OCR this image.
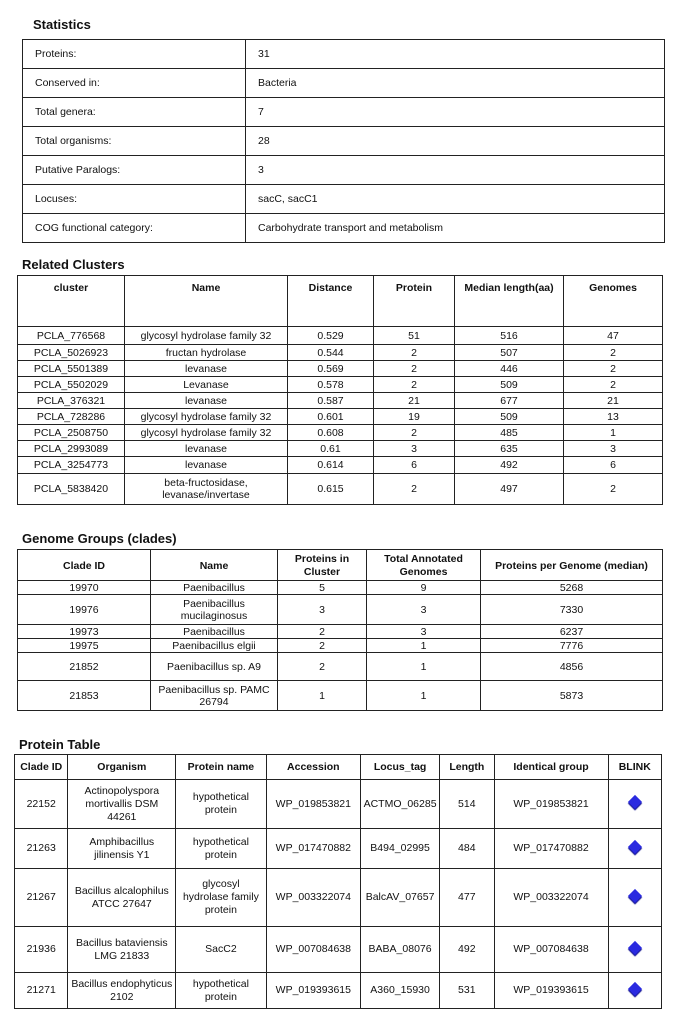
Statistics
Proteins:	31
Conserved in:	Bacteria
Total genera:	7
Total organisms:	28
Putative Paralogs:	3
Locuses:	sacC, sacC1
COG functional category:	Carbohydrate transport and metabolism
Related Clusters
cluster	Name	Distance	Protein	Median length(aa)	Genomes
PCLA_776568	glycosyl hydrolase family 32	0.529	51	516	47
PCLA_5026923	fructan hydrolase	0.544	2	507	2
PCLA_5501389	levanase	0.569	2	446	2
PCLA_5502029	Levanase	0.578	2	509	2
PCLA_376321	levanase	0.587	21	677	21
PCLA_728286	glycosyl hydrolase family 32	0.601	19	509	13
PCLA_2508750	glycosyl hydrolase family 32	0.608	2	485	1
PCLA_2993089	levanase	0.61	3	635	3
PCLA_3254773	levanase	0.614	6	492	6
PCLA_5838420	beta-fructosidase, levanase/invertase	0.615	2	497	2
Genome Groups (clades)
Clade ID	Name	Proteins in Cluster	Total Annotated Genomes	Proteins per Genome (median)
19970	Paenibacillus	5	9	5268
19976	Paenibacillus mucilaginosus	3	3	7330
19973	Paenibacillus	2	3	6237
19975	Paenibacillus elgii	2	1	7776
21852	Paenibacillus sp. A9	2	1	4856
21853	Paenibacillus sp. PAMC 26794	1	1	5873
Protein Table
Clade ID	Organism	Protein name	Accession	Locus_tag	Length	Identical group	BLINK
22152	Actinopolyspora mortivallis DSM 44261	hypothetical protein	WP_019853821	ACTMO_06285	514	WP_019853821	
21263	Amphibacillus jilinensis Y1	hypothetical protein	WP_017470882	B494_02995	484	WP_017470882	
21267	Bacillus alcalophilus ATCC 27647	glycosyl hydrolase family protein	WP_003322074	BalcAV_07657	477	WP_003322074	
21936	Bacillus bataviensis LMG 21833	SacC2	WP_007084638	BABA_08076	492	WP_007084638	
21271	Bacillus endophyticus 2102	hypothetical protein	WP_019393615	A360_15930	531	WP_019393615	
